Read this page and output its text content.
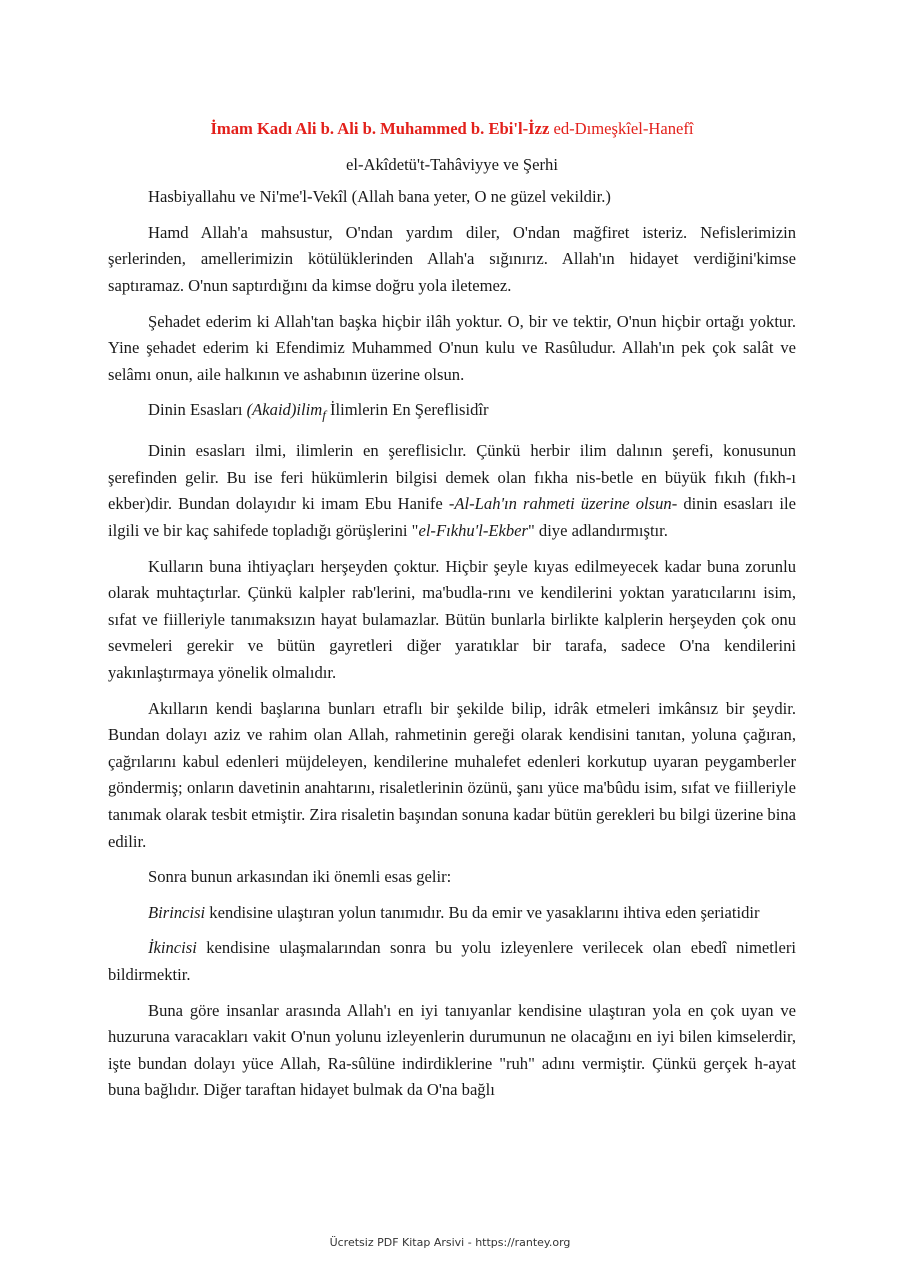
İmam Kadı Ali b. Ali b. Muhammed b. Ebi'l-İzz ed-Dımeşkîel-Hanefî

el-Akîdetü't-Tahâviyye ve Şerhi

Hasbiyallahu ve Ni'me'l-Vekîl (Allah bana yeter, O ne güzel vekildir.)

Hamd Allah'a mahsustur, O'ndan yardım diler, O'ndan mağfiret isteriz. Nefislerimizin şerlerinden, amellerimizin kötülüklerinden Allah'a sığınırız. Allah'ın hidayet verdiğini'kimse saptıramaz. O'nun saptırdığını da kimse doğru yola iletemez.

Şehadet ederim ki Allah'tan başka hiçbir ilâh yoktur. O, bir ve tektir, O'nun hiçbir ortağı yoktur. Yine şehadet ederim ki Efendimiz Muhammed O'nun kulu ve Rasûludur. Allah'ın pek çok salât ve selâmı onun, aile halkının ve ashabının üzerine olsun.

Dinin Esasları (Akaid)ilim$_f$ İlimlerin En Şereflisidîr

Dinin esasları ilmi, ilimlerin en şereflisiclır. Çünkü herbir ilim dalının şerefi, konusunun şerefinden gelir. Bu ise feri hükümlerin bilgisi demek olan fıkha nis-betle en büyük fıkıh (fıkh-ı ekber)dir. Bundan dolayıdır ki imam Ebu Hanife -Al-Lah'ın rahmeti üzerine olsun- dinin esasları ile ilgili ve bir kaç sahifede topladığı görüşlerini "el-Fıkhu'l-Ekber" diye adlandırmıştır.

Kulların buna ihtiyaçları herşeyden çoktur. Hiçbir şeyle kıyas edilmeyecek kadar buna zorunlu olarak muhtaçtırlar. Çünkü kalpler rab'lerini, ma'budla-rını ve kendilerini yoktan yaratıcılarını isim, sıfat ve fiilleriyle tanımaksızın hayat bulamazlar. Bütün bunlarla birlikte kalplerin herşeyden çok onu sevmeleri gerekir ve bütün gayretleri diğer yaratıklar bir tarafa, sadece O'na kendilerini yakınlaştırmaya yönelik olmalıdır.

Akılların kendi başlarına bunları etraflı bir şekilde bilip, idrâk etmeleri imkânsız bir şeydir. Bundan dolayı aziz ve rahim olan Allah, rahmetinin gereği olarak kendisini tanıtan, yoluna çağıran, çağrılarını kabul edenleri müjdeleyen, kendilerine muhalefet edenleri korkutup uyaran peygamberler göndermiş; onların davetinin anahtarını, risaletlerinin özünü, şanı yüce ma'bûdu isim, sıfat ve fiilleriyle tanımak olarak tesbit etmiştir. Zira risaletin başından sonuna kadar bütün gerekleri bu bilgi üzerine bina edilir.

Sonra bunun arkasından iki önemli esas gelir:

Birincisi kendisine ulaştıran yolun tanımıdır. Bu da emir ve yasaklarını ihtiva eden şeriatidir

İkincisi kendisine ulaşmalarından sonra bu yolu izleyenlere verilecek olan ebedî nimetleri bildirmektir.

Buna göre insanlar arasında Allah'ı en iyi tanıyanlar kendisine ulaştıran yola en çok uyan ve huzuruna varacakları vakit O'nun yolunu izleyenlerin durumunun ne olacağını en iyi bilen kimselerdir, işte bundan dolayı yüce Allah, Ra-sûlüne indirdiklerine "ruh" adını vermiştir. Çünkü gerçek h-ayat buna bağlıdır. Diğer taraftan hidayet bulmak da O'na bağlı

Ücretsiz PDF Kitap Arsivi - https://rantey.org
